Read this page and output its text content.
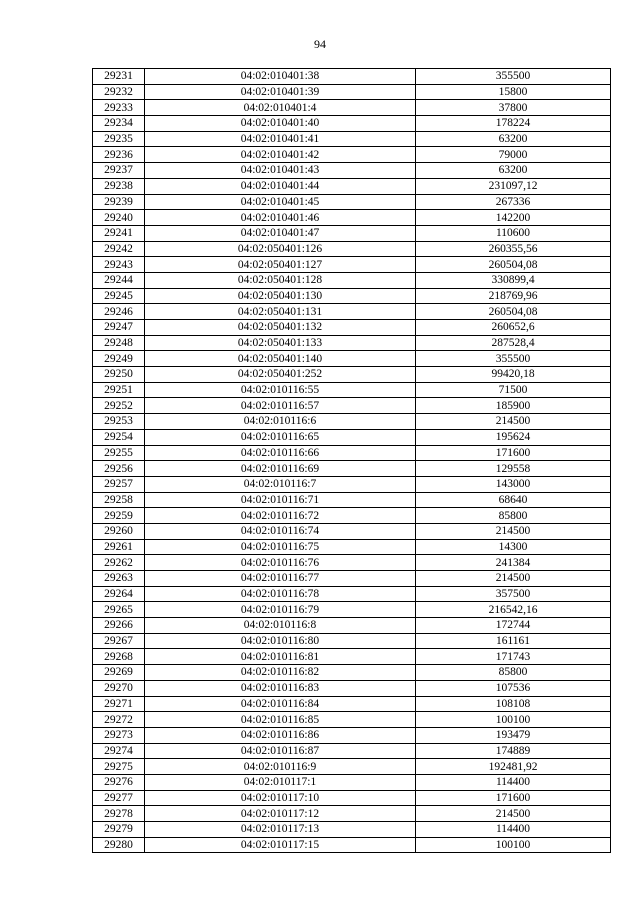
94
29231	04:02:010401:38	355500
29232	04:02:010401:39	15800
29233	04:02:010401:4	37800
29234	04:02:010401:40	178224
29235	04:02:010401:41	63200
29236	04:02:010401:42	79000
29237	04:02:010401:43	63200
29238	04:02:010401:44	231097,12
29239	04:02:010401:45	267336
29240	04:02:010401:46	142200
29241	04:02:010401:47	110600
29242	04:02:050401:126	260355,56
29243	04:02:050401:127	260504,08
29244	04:02:050401:128	330899,4
29245	04:02:050401:130	218769,96
29246	04:02:050401:131	260504,08
29247	04:02:050401:132	260652,6
29248	04:02:050401:133	287528,4
29249	04:02:050401:140	355500
29250	04:02:050401:252	99420,18
29251	04:02:010116:55	71500
29252	04:02:010116:57	185900
29253	04:02:010116:6	214500
29254	04:02:010116:65	195624
29255	04:02:010116:66	171600
29256	04:02:010116:69	129558
29257	04:02:010116:7	143000
29258	04:02:010116:71	68640
29259	04:02:010116:72	85800
29260	04:02:010116:74	214500
29261	04:02:010116:75	14300
29262	04:02:010116:76	241384
29263	04:02:010116:77	214500
29264	04:02:010116:78	357500
29265	04:02:010116:79	216542,16
29266	04:02:010116:8	172744
29267	04:02:010116:80	161161
29268	04:02:010116:81	171743
29269	04:02:010116:82	85800
29270	04:02:010116:83	107536
29271	04:02:010116:84	108108
29272	04:02:010116:85	100100
29273	04:02:010116:86	193479
29274	04:02:010116:87	174889
29275	04:02:010116:9	192481,92
29276	04:02:010117:1	114400
29277	04:02:010117:10	171600
29278	04:02:010117:12	214500
29279	04:02:010117:13	114400
29280	04:02:010117:15	100100
